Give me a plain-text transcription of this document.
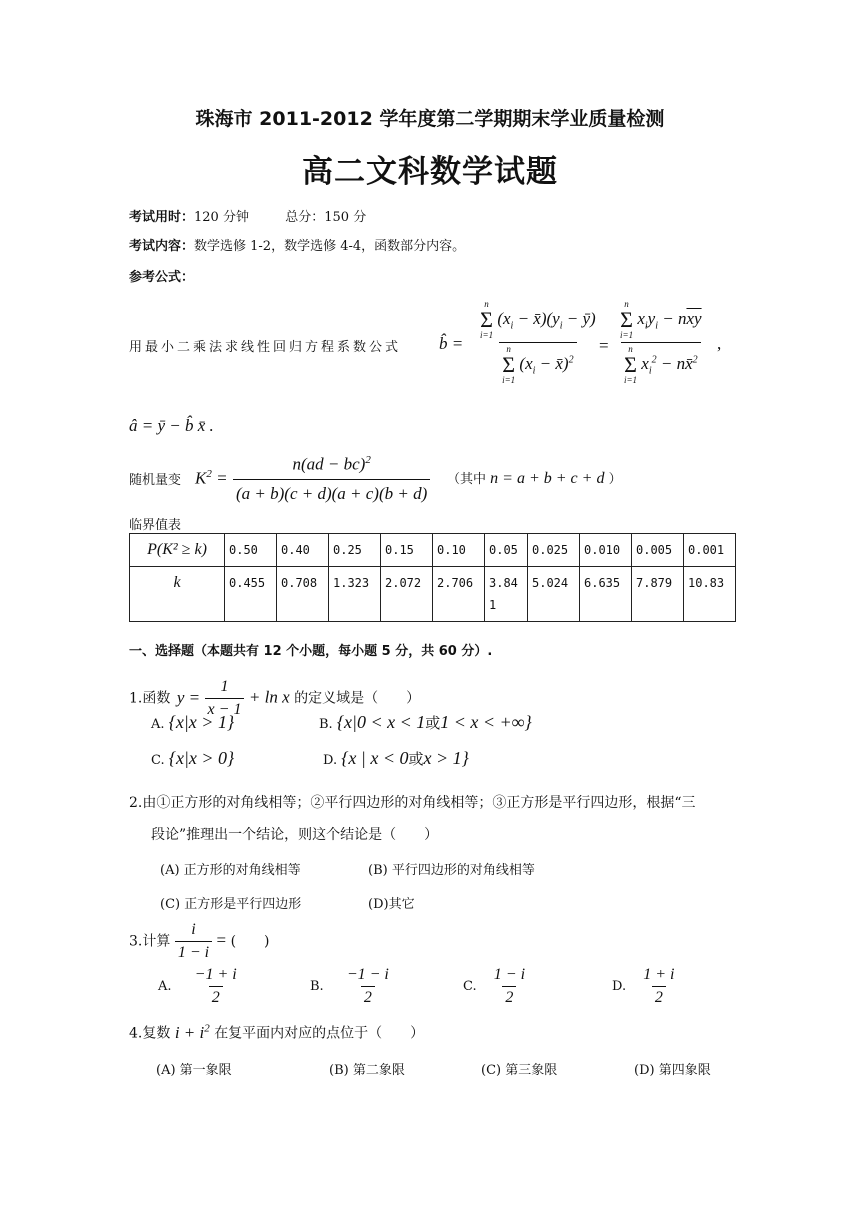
珠海市 2011-2012 学年度第二学期期末学业质量检测
高二文科数学试题
考试用时：120 分钟	总分：150 分
考试内容：数学选修 1-2，数学选修 4-4，函数部分内容。
参考公式：
用最小二乘法求线性回归方程系数公式 b̂ =
n
Σ
i=1
($x_i$ − $x̄)(y_i$ − ȳ)
n
Σ
i=1
($x_i$ − x̄)$^2$
=
n
Σ
i=1
$x_iy_i - n\overline{xy}$
n
Σ
i=1
$x_i^2$ − nx̄$^2$
,
â = ȳ − b̂ x̄ .
随机量变 $K^2 = \frac{n(ad - bc)^2}{(a + b)(c + d)(a + c)(b + d)}$ （其中 n = a + b + c + d ）
临界值表
P(K² ≥ k)	0.50	0.40	0.25	0.15	0.10	0.05	0.025	0.010	0.005	0.001
k	0.455	0.708	1.323	2.072	2.706	3.841	5.024	6.635	7.879	10.83
一、选择题（本题共有 12 个小题，每小题 5 分，共 60 分）.
1.函数 $y = \frac{1}{x - 1} + \ln x$ 的定义域是（　　）
A. {x|x > 1}	B. {x|0 < x < 1或1 < x < +∞}
C. {x|x > 0}	D. {x | x < 0或x > 1}
2.由①正方形的对角线相等；②平行四边形的对角线相等；③正方形是平行四边形，根据“三
段论”推理出一个结论，则这个结论是（　　）
(A) 正方形的对角线相等	(B) 平行四边形的对角线相等
(C) 正方形是平行四边形	(D)其它
3.计算 $\frac{i}{1 - i}$ = (　　)
A. $\frac{-1 + i}{2}$	B. $\frac{-1 - i}{2}$	C. $\frac{1 - i}{2}$	D. $\frac{1 + i}{2}$
4.复数 $i + i^2$ 在复平面内对应的点位于（　　）
(A) 第一象限	(B) 第二象限	(C) 第三象限	(D) 第四象限
